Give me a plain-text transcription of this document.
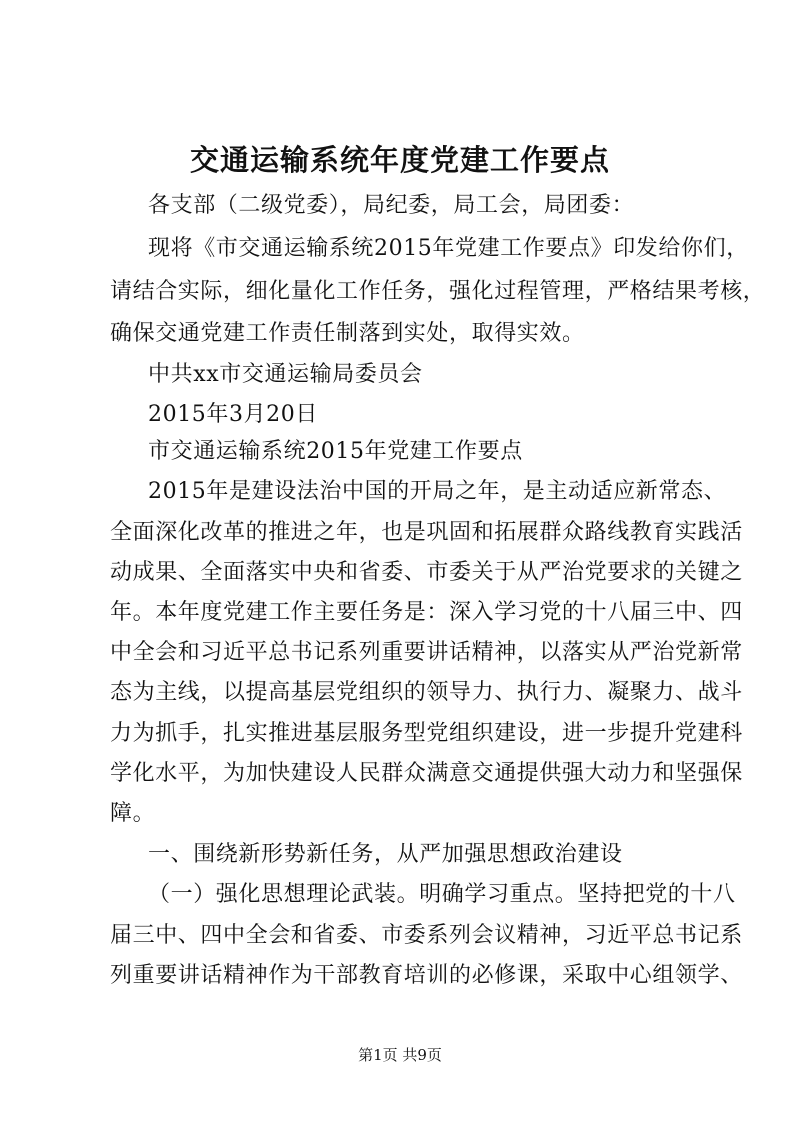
交通运输系统年度党建工作要点
各支部（二级党委），局纪委，局工会，局团委：
现将《市交通运输系统2015年党建工作要点》印发给你们，
请结合实际，细化量化工作任务，强化过程管理，严格结果考核，
确保交通党建工作责任制落到实处，取得实效。
中共xx市交通运输局委员会
2015年3月20日
市交通运输系统2015年党建工作要点
2015年是建设法治中国的开局之年，是主动适应新常态、
全面深化改革的推进之年，也是巩固和拓展群众路线教育实践活
动成果、全面落实中央和省委、市委关于从严治党要求的关键之
年。本年度党建工作主要任务是：深入学习党的十八届三中、四
中全会和习近平总书记系列重要讲话精神，以落实从严治党新常
态为主线，以提高基层党组织的领导力、执行力、凝聚力、战斗
力为抓手，扎实推进基层服务型党组织建设，进一步提升党建科
学化水平，为加快建设人民群众满意交通提供强大动力和坚强保
障。
一、围绕新形势新任务，从严加强思想政治建设
（一）强化思想理论武装。明确学习重点。坚持把党的十八
届三中、四中全会和省委、市委系列会议精神，习近平总书记系
列重要讲话精神作为干部教育培训的必修课，采取中心组领学、
第1页 共9页
